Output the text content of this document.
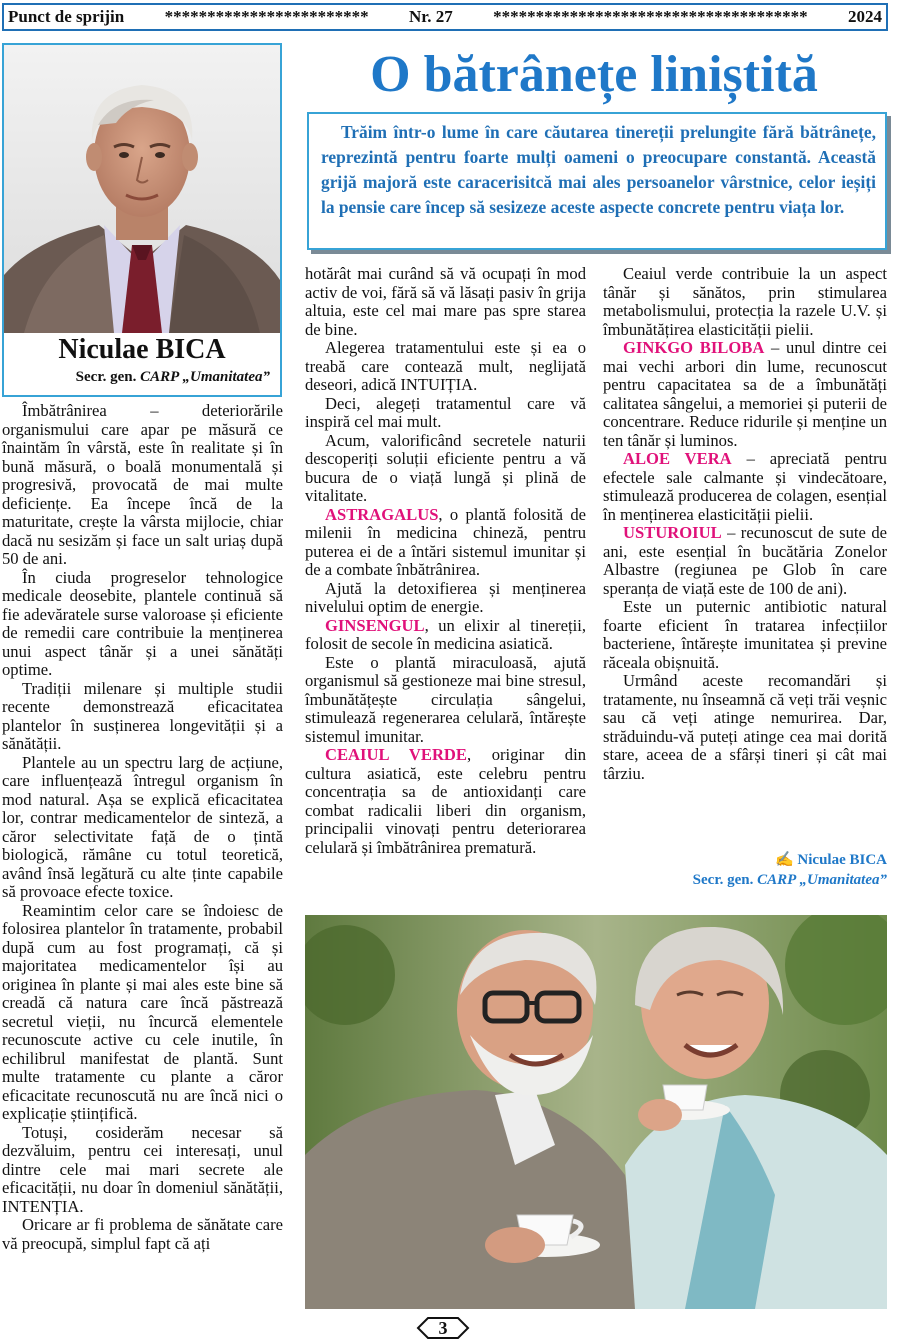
Punct de sprijin ************************ Nr. 27 ************************************* 2024
Niculae BICA
Secr. gen. CARP „Umanitatea”
O bătrânețe liniștită
Trăim într-o lume în care căutarea tinereții prelungite fără bătrânețe, reprezintă pentru foarte mulți oameni o preocupare constantă. Această grijă majoră este caracerisitcă mai ales persoanelor vârstnice, celor ieșiți la pensie care încep să sesizeze aceste aspecte concrete pentru viața lor.

Îmbătrânirea – deteriorările organismului care apar pe măsură ce înaintăm în vârstă, este în realitate și în bună măsură, o boală monumentală și progresivă, provocată de mai multe deficiențe. Ea începe încă de la maturitate, crește la vârsta mijlocie, chiar dacă nu sesizăm și face un salt uriaș după 50 de ani.

În ciuda progreselor tehnologice medicale deosebite, plantele continuă să fie adevăratele surse valoroase și eficiente de remedii care contribuie la menținerea unui aspect tânăr și a unei sănătăți optime.

Tradiții milenare și multiple studii recente demonstrează eficacitatea plantelor în susținerea longevității și a sănătății.

Plantele au un spectru larg de acțiune, care influențează întregul organism în mod natural. Așa se explică eficacitatea lor, contrar medicamentelor de sinteză, a căror selectivitate față de o țintă biologică, rămâne cu totul teoretică, având însă legătură cu alte ținte capabile să provoace efecte toxice.

Reamintim celor care se îndoiesc de folosirea plantelor în tratamente, probabil după cum au fost programați, că și majoritatea medicamentelor își au originea în plante și mai ales este bine să creadă că natura care încă păstrează secretul vieții, nu încurcă elementele recunoscute active cu cele inutile, în echilibrul manifestat de plantă. Sunt multe tratamente cu plante a căror eficacitate recunoscută nu are încă nici o explicație științifică.

Totuși, cosiderăm necesar să dezvăluim, pentru cei interesați, unul dintre cele mai mari secrete ale eficacității, nu doar în domeniul sănătății, INTENȚIA.

Oricare ar fi problema de sănătate care vă preocupă, simplul fapt că ați

hotărât mai curând să vă ocupați în mod activ de voi, fără să vă lăsați pasiv în grija altuia, este cel mai mare pas spre starea de bine.

Alegerea tratamentului este și ea o treabă care contează mult, neglijată deseori, adică INTUIȚIA.

Deci, alegeți tratamentul care vă inspiră cel mai mult.

Acum, valorificând secretele naturii descoperiți soluții eficiente pentru a vă bucura de o viață lungă și plină de vitalitate.

ASTRAGALUS, o plantă folosită de milenii în medicina chineză, pentru puterea ei de a întări sistemul imunitar și de a combate înbătrânirea.

Ajută la detoxifierea și menținerea nivelului optim de energie.

GINSENGUL, un elixir al tinereții, folosit de secole în medicina asiatică.

Este o plantă miraculoasă, ajută organismul să gestioneze mai bine stresul, îmbunătățește circulația sângelui, stimulează regenerarea celulară, întărește sistemul imunitar.

CEAIUL VERDE, originar din cultura asiatică, este celebru pentru concentrația sa de antioxidanți care combat radicalii liberi din organism, principalii vinovați pentru deteriorarea celulară și îmbătrânirea prematură.

Ceaiul verde contribuie la un aspect tânăr și sănătos, prin stimularea metabolismului, protecția la razele U.V. și îmbunătățirea elasticității pielii.

GINKGO BILOBA – unul dintre cei mai vechi arbori din lume, recunoscut pentru capacitatea sa de a îmbunătăți calitatea sângelui, a memoriei și puterii de concentrare. Reduce ridurile și menține un ten tânăr și luminos.

ALOE VERA – apreciată pentru efectele sale calmante și vindecătoare, stimulează producerea de colagen, esențial în menținerea elasticității pielii.

USTUROIUL – recunoscut de sute de ani, este esențial în bucătăria Zonelor Albastre (regiunea pe Glob în care speranța de viață este de 100 de ani).

Este un puternic antibiotic natural foarte eficient în tratarea infecțiilor bacteriene, întărește imunitatea și previne răceala obișnuită.

Urmând aceste recomandări și tratamente, nu înseamnă că veți trăi veșnic sau că veți atinge nemurirea. Dar, străduindu-vă puteți atinge cea mai dorită stare, aceea de a sfârși tineri și cât mai târziu.

✍ Niculae BICA
Secr. gen. CARP „Umanitatea”
3
